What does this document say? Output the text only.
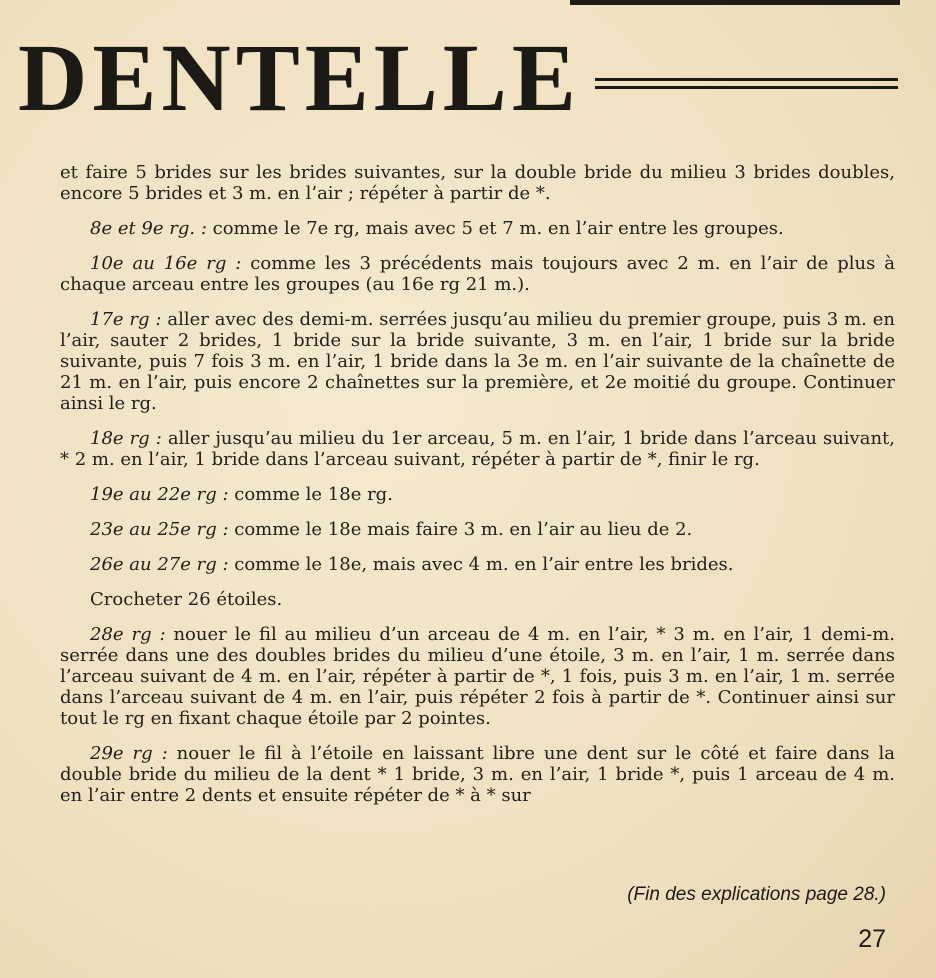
DENTELLE

et faire 5 brides sur les brides suivantes, sur la double bride du milieu 3 brides doubles, encore 5 brides et 3 m. en l’air ; répéter à partir de *.

8e et 9e rg. : comme le 7e rg, mais avec 5 et 7 m. en l’air entre les groupes.

10e au 16e rg : comme les 3 précédents mais toujours avec 2 m. en l’air de plus à chaque arceau entre les groupes (au 16e rg 21 m.).

17e rg : aller avec des demi-m. serrées jusqu’au milieu du premier groupe, puis 3 m. en l’air, sauter 2 brides, 1 bride sur la bride suivante, 3 m. en l’air, 1 bride sur la bride suivante, puis 7 fois 3 m. en l’air, 1 bride dans la 3e m. en l’air suivante de la chaînette de 21 m. en l’air, puis encore 2 chaînettes sur la première, et 2e moitié du groupe. Continuer ainsi le rg.

18e rg : aller jusqu’au milieu du 1er arceau, 5 m. en l’air, 1 bride dans l’arceau suivant, * 2 m. en l’air, 1 bride dans l’arceau suivant, répéter à partir de *, finir le rg.

19e au 22e rg : comme le 18e rg.

23e au 25e rg : comme le 18e mais faire 3 m. en l’air au lieu de 2.

26e au 27e rg : comme le 18e, mais avec 4 m. en l’air entre les brides.

Crocheter 26 étoiles.

28e rg : nouer le fil au milieu d’un arceau de 4 m. en l’air, * 3 m. en l’air, 1 demi-m. serrée dans une des doubles brides du milieu d’une étoile, 3 m. en l’air, 1 m. serrée dans l’arceau suivant de 4 m. en l’air, répéter à partir de *, 1 fois, puis 3 m. en l’air, 1 m. serrée dans l’arceau suivant de 4 m. en l’air, puis répéter 2 fois à partir de *. Continuer ainsi sur tout le rg en fixant chaque étoile par 2 pointes.

29e rg : nouer le fil à l’étoile en laissant libre une dent sur le côté et faire dans la double bride du milieu de la dent * 1 bride, 3 m. en l’air, 1 bride *, puis 1 arceau de 4 m. en l’air entre 2 dents et ensuite répéter de * à * sur

(Fin des explications page 28.)
27
